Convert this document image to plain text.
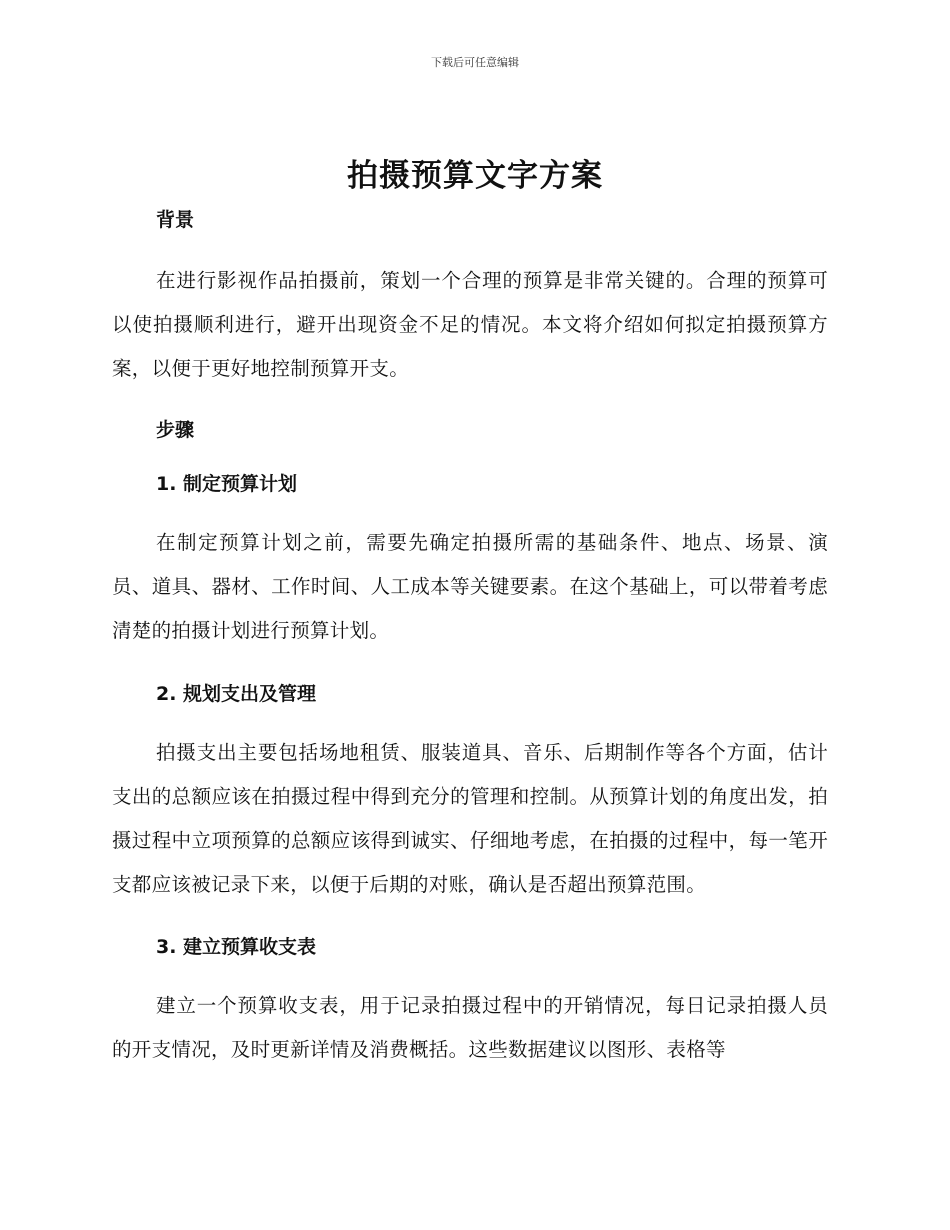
下载后可任意编辑
拍摄预算文字方案
背景

在进行影视作品拍摄前，策划一个合理的预算是非常关键的。合理的预算可以使拍摄顺利进行，避开出现资金不足的情况。本文将介绍如何拟定拍摄预算方案，以便于更好地控制预算开支。

步骤
1. 制定预算计划

在制定预算计划之前，需要先确定拍摄所需的基础条件、地点、场景、演员、道具、器材、工作时间、人工成本等关键要素。在这个基础上，可以带着考虑清楚的拍摄计划进行预算计划。

2. 规划支出及管理

拍摄支出主要包括场地租赁、服装道具、音乐、后期制作等各个方面，估计支出的总额应该在拍摄过程中得到充分的管理和控制。从预算计划的角度出发，拍摄过程中立项预算的总额应该得到诚实、仔细地考虑，在拍摄的过程中，每一笔开支都应该被记录下来，以便于后期的对账，确认是否超出预算范围。

3. 建立预算收支表

建立一个预算收支表，用于记录拍摄过程中的开销情况，每日记录拍摄人员的开支情况，及时更新详情及消费概括。这些数据建议以图形、表格等
